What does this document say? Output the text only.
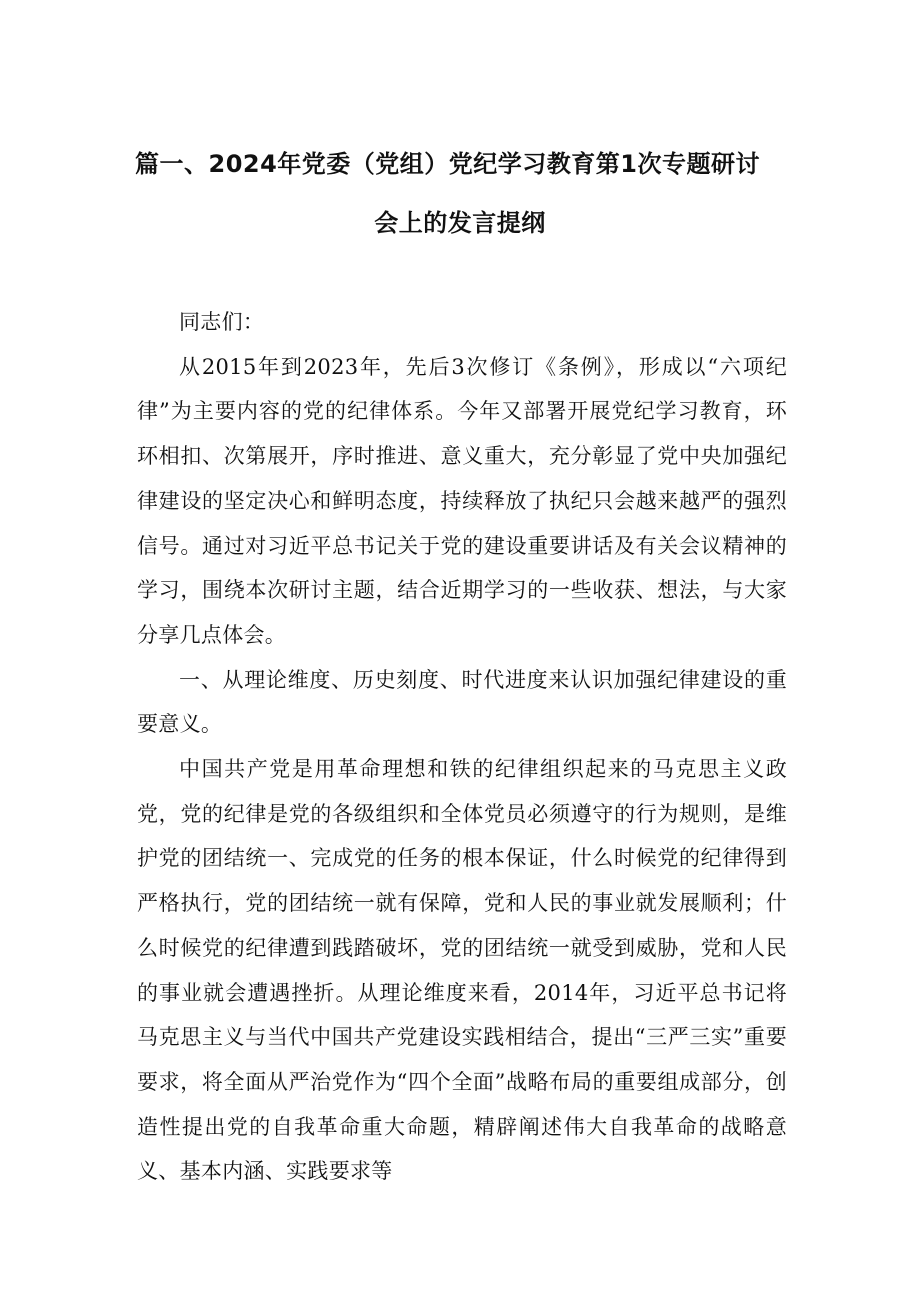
篇一、2024年党委（党组）党纪学习教育第1次专题研讨
会上的发言提纲

同志们：

从2015年到2023年，先后3次修订《条例》，形成以“六项纪律”为主要内容的党的纪律体系。今年又部署开展党纪学习教育，环环相扣、次第展开，序时推进、意义重大，充分彰显了党中央加强纪律建设的坚定决心和鲜明态度，持续释放了执纪只会越来越严的强烈信号。通过对习近平总书记关于党的建设重要讲话及有关会议精神的学习，围绕本次研讨主题，结合近期学习的一些收获、想法，与大家分享几点体会。

一、从理论维度、历史刻度、时代进度来认识加强纪律建设的重要意义。

中国共产党是用革命理想和铁的纪律组织起来的马克思主义政党，党的纪律是党的各级组织和全体党员必须遵守的行为规则，是维护党的团结统一、完成党的任务的根本保证，什么时候党的纪律得到严格执行，党的团结统一就有保障，党和人民的事业就发展顺利；什么时候党的纪律遭到践踏破坏，党的团结统一就受到威胁，党和人民的事业就会遭遇挫折。从理论维度来看，2014年，习近平总书记将马克思主义与当代中国共产党建设实践相结合，提出“三严三实”重要要求，将全面从严治党作为“四个全面”战略布局的重要组成部分，创造性提出党的自我革命重大命题，精辟阐述伟大自我革命的战略意义、基本内涵、实践要求等
